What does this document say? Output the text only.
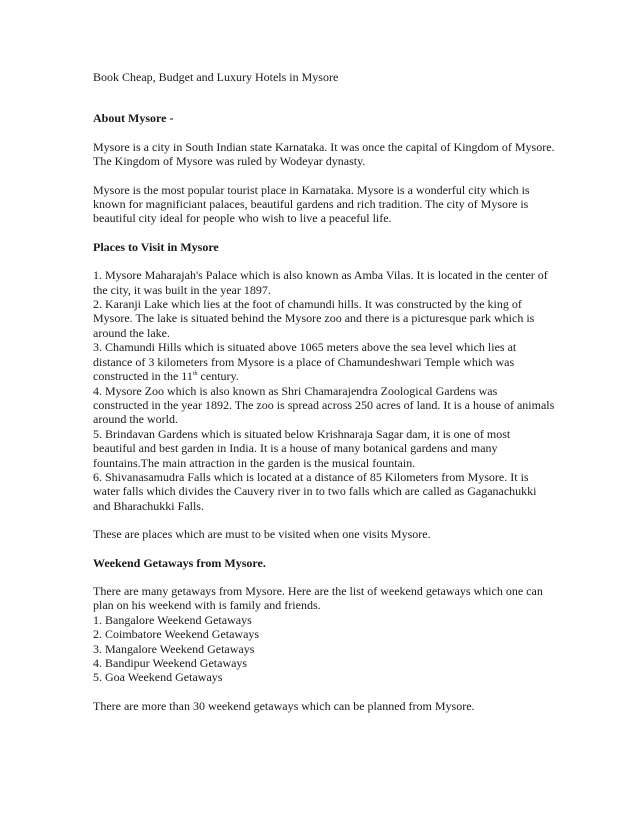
Book Cheap, Budget and Luxury Hotels in Mysore

About Mysore -

Mysore is a city in South Indian state Karnataka. It was once the capital of Kingdom of Mysore. The Kingdom of Mysore was ruled by Wodeyar dynasty.

Mysore is the most popular tourist place in Karnataka. Mysore is a wonderful city which is known for magnificiant palaces, beautiful gardens and rich tradition. The city of Mysore is beautiful city ideal for people who wish to live a peaceful life.

Places to Visit in Mysore

1. Mysore Maharajah's Palace which is also known as Amba Vilas. It is located in the center of the city, it was built in the year 1897.
2. Karanji Lake which lies at the foot of chamundi hills. It was constructed by the king of Mysore. The lake is situated behind the Mysore zoo and there is a picturesque park which is around the lake.
3. Chamundi Hills which is situated above 1065 meters above the sea level which lies at distance of 3 kilometers from Mysore is a place of Chamundeshwari Temple which was constructed in the 11th century.
4. Mysore Zoo which is also known as Shri Chamarajendra Zoological Gardens was constructed in the year 1892. The zoo is spread across 250 acres of land. It is a house of animals around the world.
5. Brindavan Gardens which is situated below Krishnaraja Sagar dam, it is one of most beautiful and best garden in India. It is a house of many botanical gardens and many fountains.The main attraction in the garden is the musical fountain.
6. Shivanasamudra Falls which is located at a distance of 85 Kilometers from Mysore. It is water falls which divides the Cauvery river in to two falls which are called as Gaganachukki and Bharachukki Falls.

These are places which are must to be visited when one visits Mysore.

Weekend Getaways from Mysore.

There are many getaways from Mysore. Here are the list of weekend getaways which one can plan on his weekend with is family and friends.
1. Bangalore Weekend Getaways
2. Coimbatore Weekend Getaways
3. Mangalore Weekend Getaways
4. Bandipur Weekend Getaways
5. Goa Weekend Getaways

There are more than 30 weekend getaways which can be planned from Mysore.
